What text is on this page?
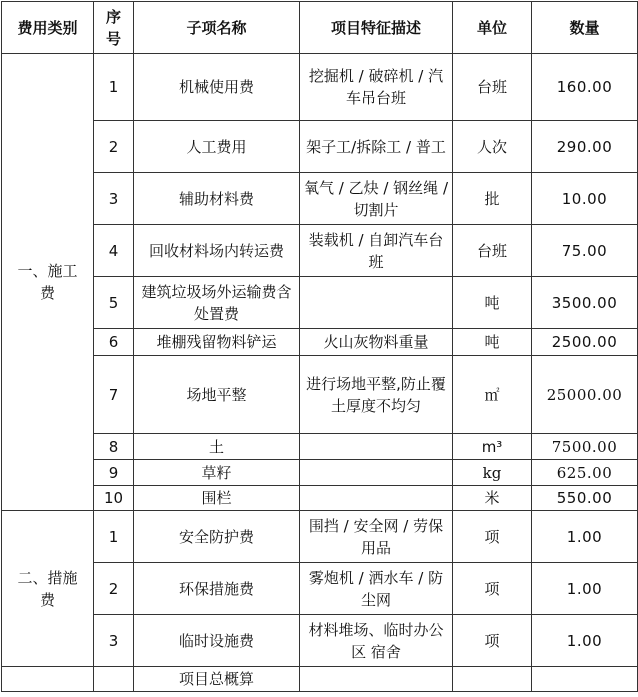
费用类别	序号	子项名称	项目特征描述	单位	数量
一、施工费	1	机械使用费	挖掘机 / 破碎机 / 汽车吊台班	台班	160.00
	2	人工费用	架子工/拆除工 / 普工	人次	290.00
	3	辅助材料费	氧气 / 乙炔 / 钢丝绳 / 切割片	批	10.00
	4	回收材料场内转运费	装载机 / 自卸汽车台班	台班	75.00
	5	建筑垃圾场外运输费含处置费		吨	3500.00
	6	堆棚残留物料铲运	火山灰物料重量	吨	2500.00
	7	场地平整	进行场地平整,防止覆土厚度不均匀	㎡	25000.00
	8	土		m³	7500.00
	9	草籽		kg	625.00
	10	围栏		米	550.00
二、措施费	1	安全防护费	围挡 / 安全网 / 劳保用品	项	1.00
	2	环保措施费	雾炮机 / 洒水车 / 防尘网	项	1.00
	3	临时设施费	材料堆场、临时办公区 宿舍	项	1.00
		项目总概算			
